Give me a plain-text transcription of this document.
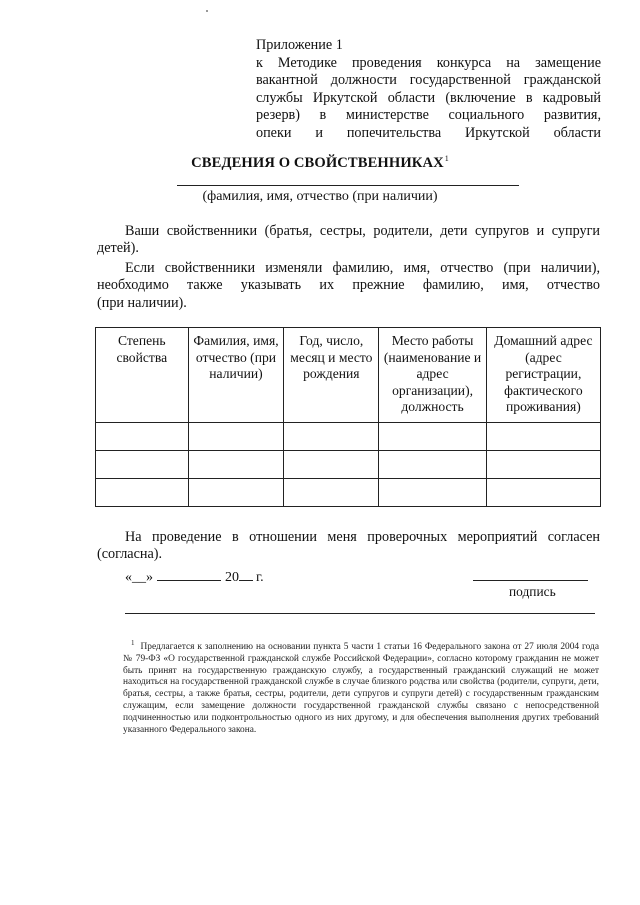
Приложение 1
к Методике проведения конкурса на замещение
вакантной должности государственной гражданской
службы Иркутской области (включение в кадровый
резерв) в министерстве социального развития,
опеки и попечительства Иркутской области
СВЕДЕНИЯ О СВОЙСТВЕННИКАХ$^1$
(фамилия, имя, отчество (при наличии)
Ваши свойственники (братья, сестры, родители, дети супругов и супруги детей).
Если свойственники изменяли фамилию, имя, отчество (при наличии),
необходимо также указывать их прежние фамилию, имя, отчество
(при наличии).
Степень свойства	Фамилия, имя, отчество (при наличии)	Год, число, месяц и место рождения	Место работы (наименование и адрес организации), должность	Домашний адрес (адрес регистрации, фактического проживания)

На проведение в отношении меня проверочных мероприятий согласен
(согласна).
«__»	20 г.
подпись
$^1$ Предлагается к заполнению на основании пункта 5 части 1 статьи 16 Федерального закона от 27 июля 2004 года № 79-ФЗ «О государственной гражданской службе Российской Федерации», согласно которому гражданин не может быть принят на государственную гражданскую службу, а государственный гражданский служащий не может находиться на государственной гражданской службе в случае близкого родства или свойства (родители, супруги, дети, братья, сестры, а также братья, сестры, родители, дети супругов и супруги детей) с государственным гражданским служащим, если замещение должности государственной гражданской службы связано с непосредственной подчиненностью или подконтрольностью одного из них другому, и для обеспечения выполнения других требований указанного Федерального закона.
